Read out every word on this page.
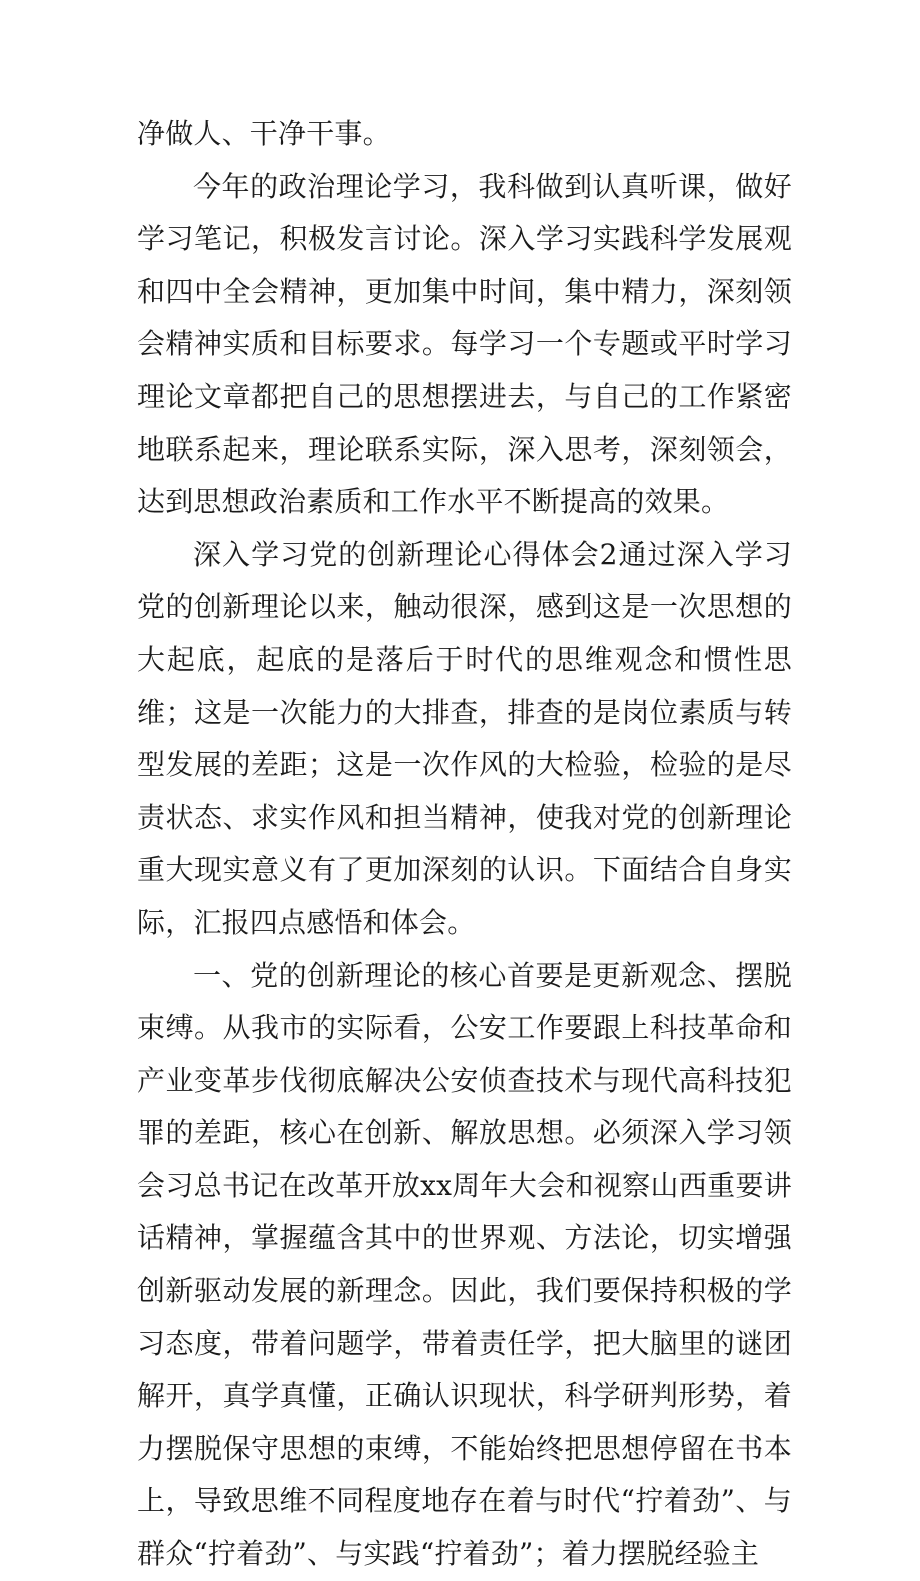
净做人、干净干事。

今年的政治理论学习，我科做到认真听课，做好学习笔记，积极发言讨论。深入学习实践科学发展观和四中全会精神，更加集中时间，集中精力，深刻领会精神实质和目标要求。每学习一个专题或平时学习理论文章都把自己的思想摆进去，与自己的工作紧密地联系起来，理论联系实际，深入思考，深刻领会，达到思想政治素质和工作水平不断提高的效果。

深入学习党的创新理论心得体会2通过深入学习党的创新理论以来，触动很深，感到这是一次思想的大起底，起底的是落后于时代的思维观念和惯性思维；这是一次能力的大排查，排查的是岗位素质与转型发展的差距；这是一次作风的大检验，检验的是尽责状态、求实作风和担当精神，使我对党的创新理论重大现实意义有了更加深刻的认识。下面结合自身实际，汇报四点感悟和体会。

一、党的创新理论的核心首要是更新观念、摆脱束缚。从我市的实际看，公安工作要跟上科技革命和产业变革步伐彻底解决公安侦查技术与现代高科技犯罪的差距，核心在创新、解放思想。必须深入学习领会习总书记在改革开放xx周年大会和视察山西重要讲话精神，掌握蕴含其中的世界观、方法论，切实增强创新驱动发展的新理念。因此，我们要保持积极的学习态度，带着问题学，带着责任学，把大脑里的谜团解开，真学真懂，正确认识现状，科学研判形势，着力摆脱保守思想的束缚，不能始终把思想停留在书本上，导致思维不同程度地存在着与时代“拧着劲”、与群众“拧着劲”、与实践“拧着劲”；着力摆脱经验主
